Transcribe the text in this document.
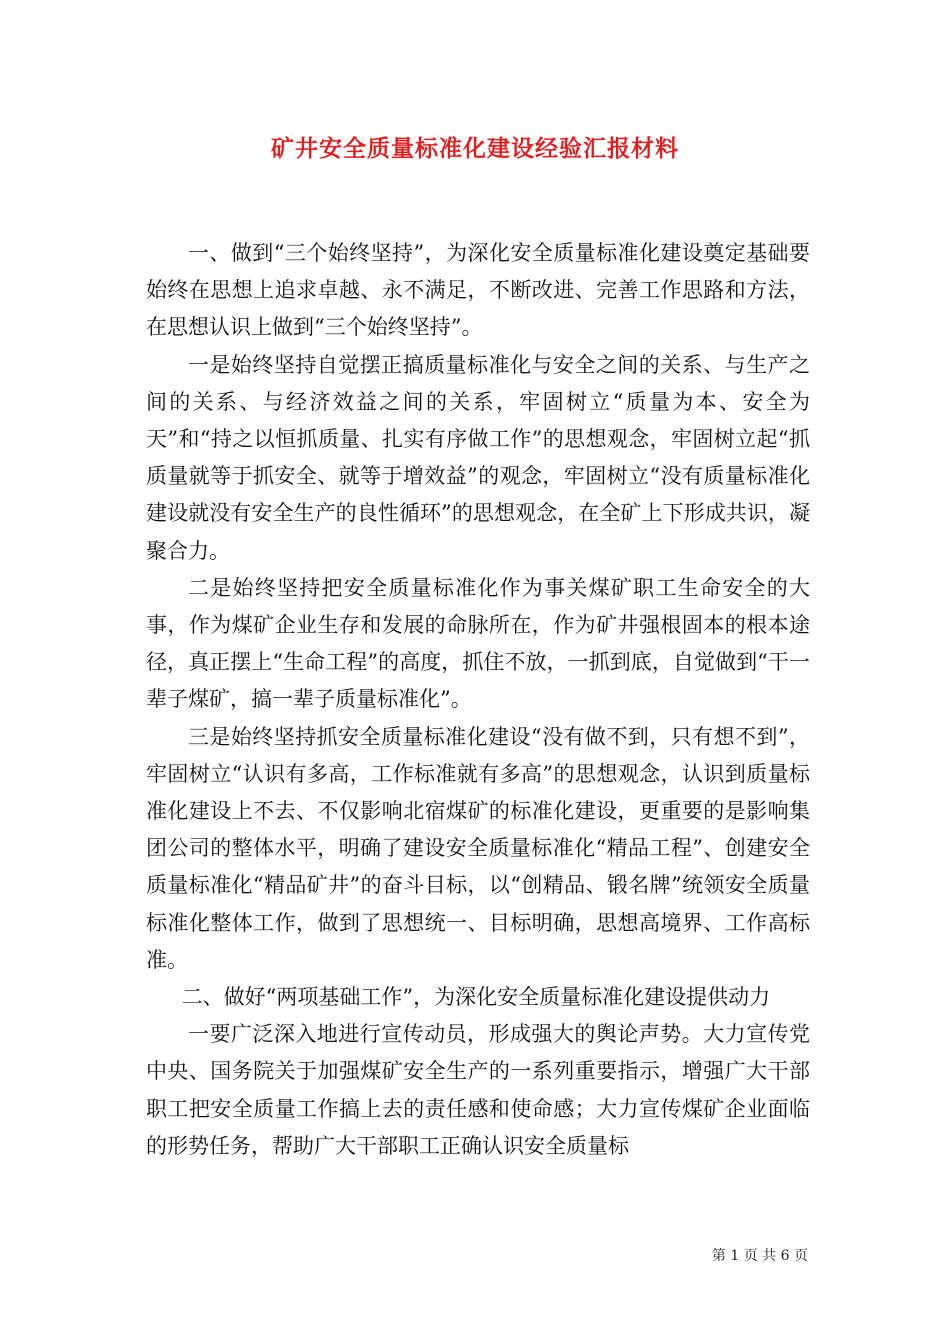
矿井安全质量标准化建设经验汇报材料

一、做到“三个始终坚持”，为深化安全质量标准化建设奠定基础要始终在思想上追求卓越、永不满足，不断改进、完善工作思路和方法，在思想认识上做到“三个始终坚持”。

一是始终坚持自觉摆正搞质量标准化与安全之间的关系、与生产之间的关系、与经济效益之间的关系，牢固树立“质量为本、安全为天”和“持之以恒抓质量、扎实有序做工作”的思想观念，牢固树立起“抓质量就等于抓安全、就等于增效益”的观念，牢固树立“没有质量标准化建设就没有安全生产的良性循环”的思想观念，在全矿上下形成共识，凝聚合力。

二是始终坚持把安全质量标准化作为事关煤矿职工生命安全的大事，作为煤矿企业生存和发展的命脉所在，作为矿井强根固本的根本途径，真正摆上“生命工程”的高度，抓住不放，一抓到底，自觉做到“干一辈子煤矿，搞一辈子质量标准化”。

三是始终坚持抓安全质量标准化建设“没有做不到，只有想不到”，牢固树立“认识有多高，工作标准就有多高”的思想观念，认识到质量标准化建设上不去、不仅影响北宿煤矿的标准化建设，更重要的是影响集团公司的整体水平，明确了建设安全质量标准化“精品工程”、创建安全质量标准化“精品矿井”的奋斗目标，以“创精品、锻名牌”统领安全质量标准化整体工作，做到了思想统一、目标明确，思想高境界、工作高标准。

二、做好“两项基础工作”，为深化安全质量标准化建设提供动力

一要广泛深入地进行宣传动员，形成强大的舆论声势。大力宣传党中央、国务院关于加强煤矿安全生产的一系列重要指示，增强广大干部职工把安全质量工作搞上去的责任感和使命感；大力宣传煤矿企业面临的形势任务，帮助广大干部职工正确认识安全质量标

第 1 页 共 6 页
